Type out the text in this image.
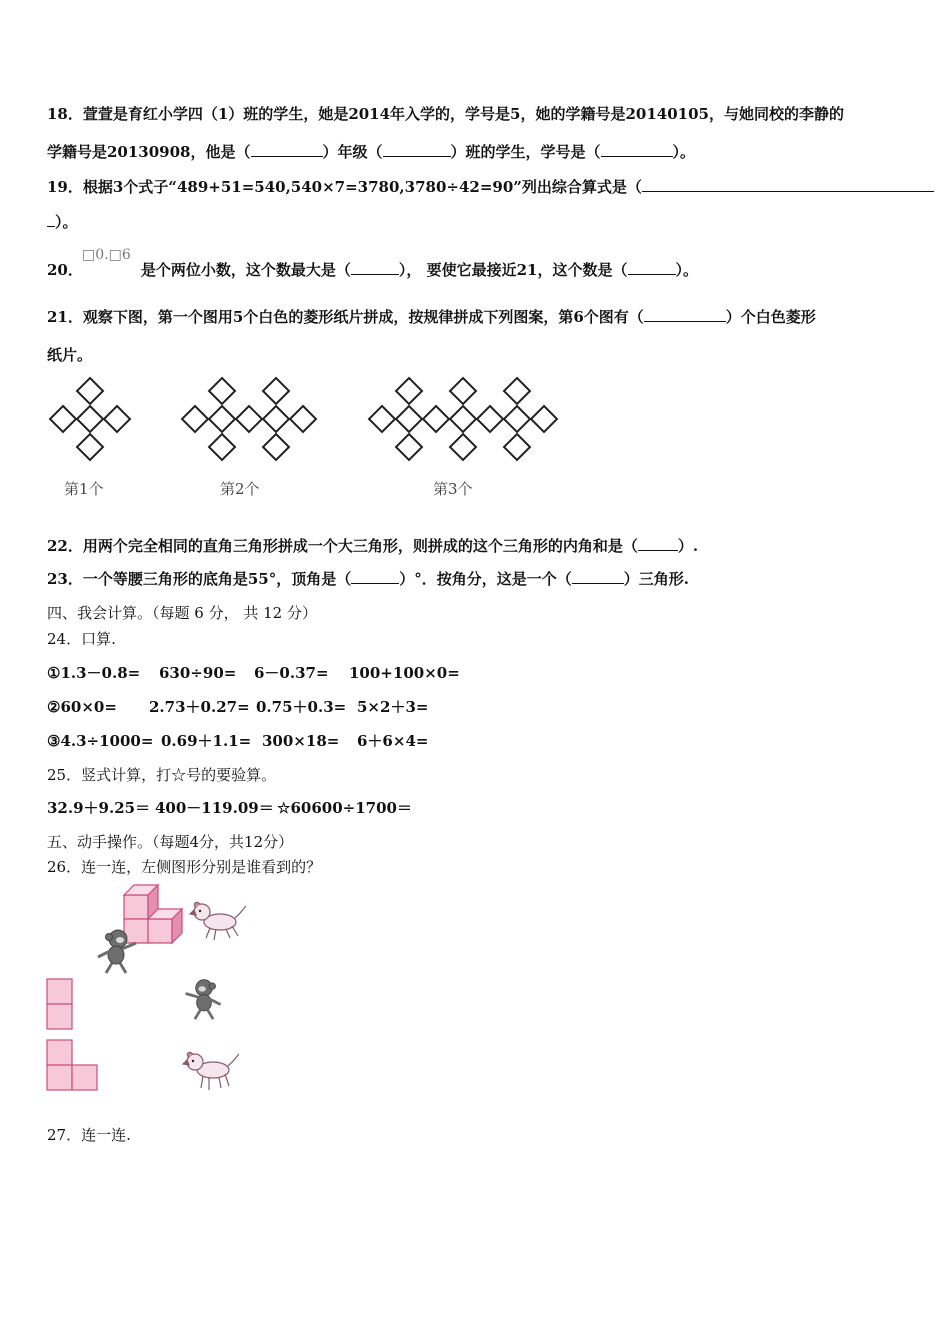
18．萱萱是育红小学四（1）班的学生，她是2014年入学的，学号是5，她的学籍号是20140105，与她同校的李静的
学籍号是20130908，他是（	）年级（	）班的学生，学号是（	）。
19．根据3个式子“489+51=540,540×7=3780,3780÷42=90”列出综合算式是（
）。
□0.□6
20．	是个两位小数，这个数最大是（	）， 要使它最接近21，这个数是（	）。
21．观察下图，第一个图用5个白色的菱形纸片拼成，按规律拼成下列图案，第6个图有（	）个白色菱形
纸片。
第1个	第2个	第3个
22．用两个完全相同的直角三角形拼成一个大三角形，则拼成的这个三角形的内角和是（	）.
23．一个等腰三角形的底角是55°，顶角是（	）°．按角分，这是一个（	）三角形.
四、我会计算。（每题 6 分， 共 12 分）
24．口算.
①1.3－0.8= 630÷90= 6－0.37= 100+100×0=
②60×0= 2.73＋0.27= 0.75＋0.3= 5×2＋3=
③4.3÷1000= 0.69＋1.1= 300×18= 6＋6×4=
25．竖式计算，打☆号的要验算。
32.9＋9.25＝ 400－119.09＝ ☆60600÷1700＝
五、动手操作。（每题4分，共12分）
26．连一连，左侧图形分别是谁看到的？
27．连一连.
